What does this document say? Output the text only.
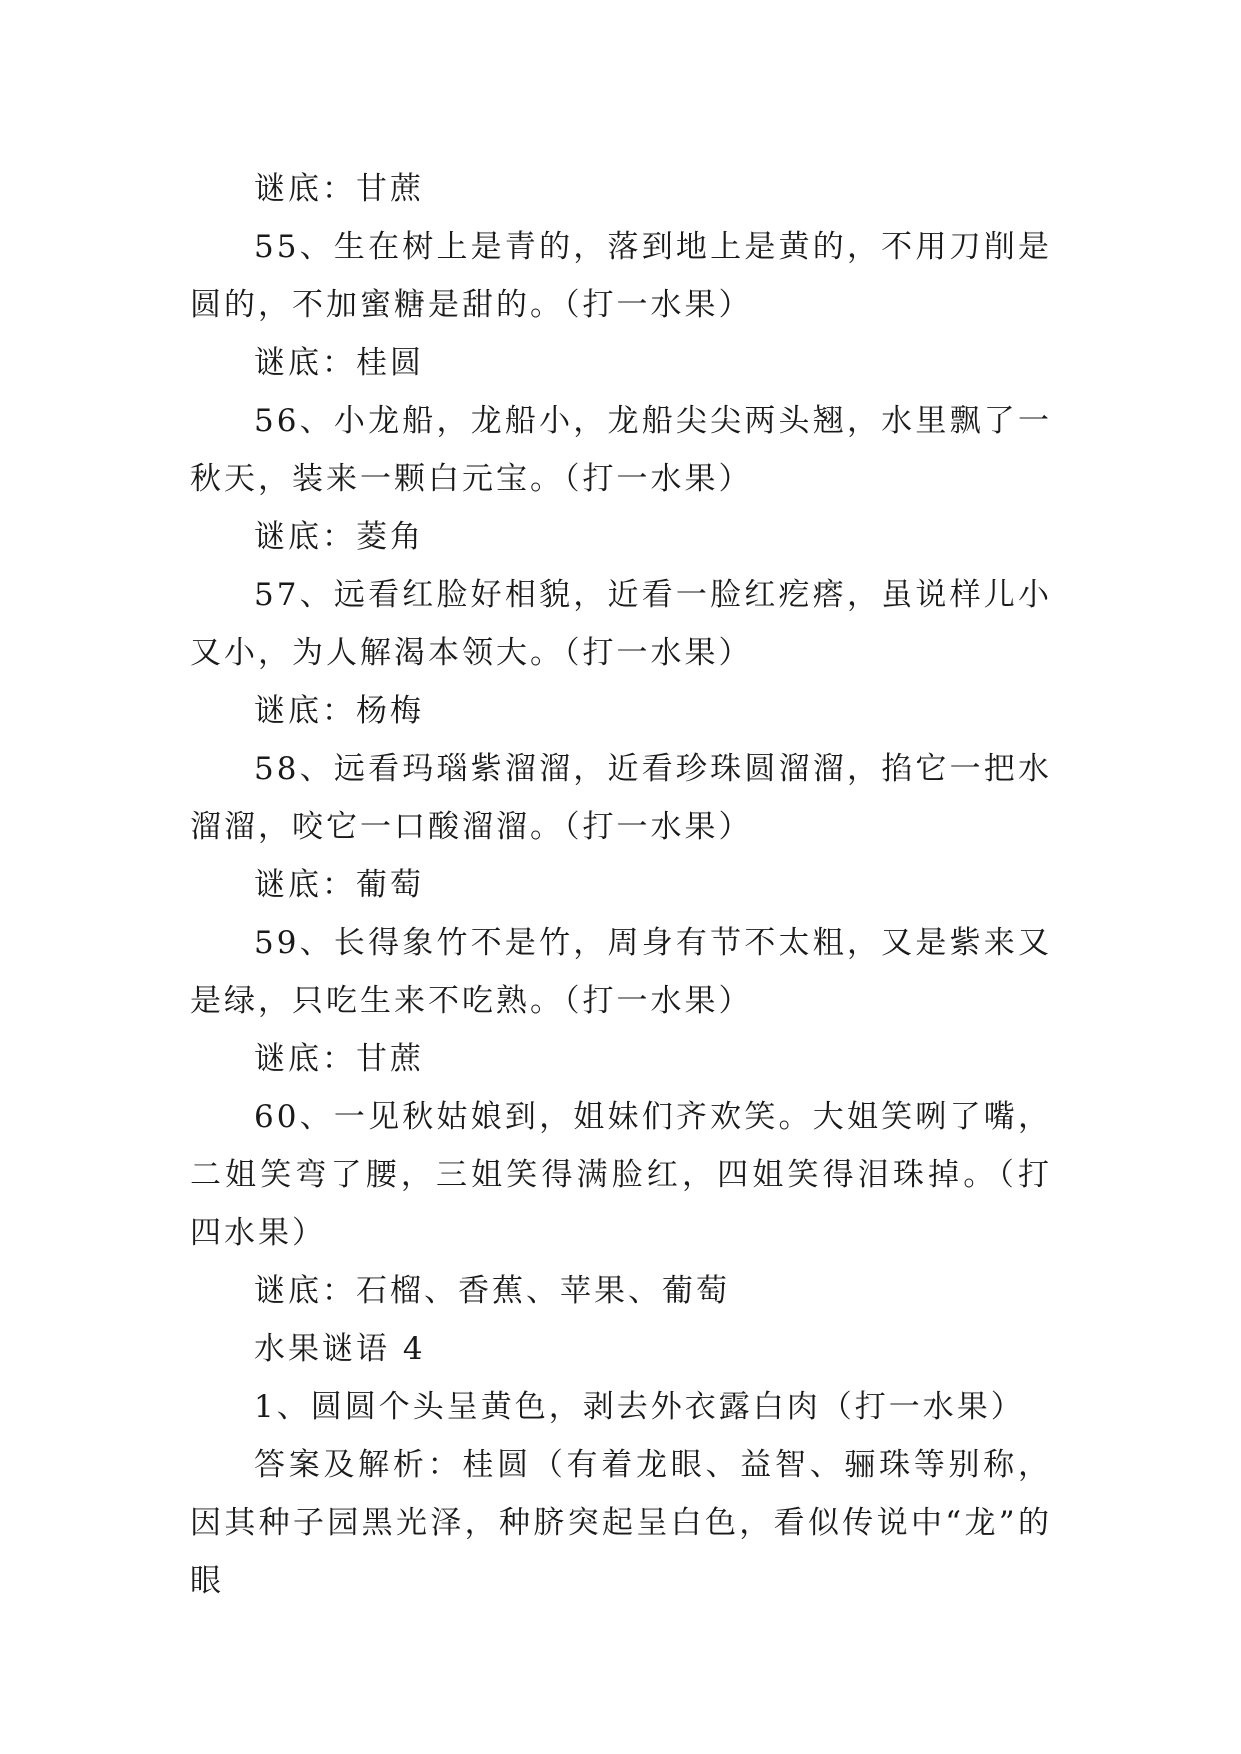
谜底：甘蔗

55、生在树上是青的，落到地上是黄的，不用刀削是圆的，不加蜜糖是甜的。（打一水果）

谜底：桂圆

56、小龙船，龙船小，龙船尖尖两头翘，水里飘了一秋天，装来一颗白元宝。（打一水果）

谜底：菱角

57、远看红脸好相貌，近看一脸红疙瘩，虽说样儿小又小，为人解渴本领大。（打一水果）

谜底：杨梅

58、远看玛瑙紫溜溜，近看珍珠圆溜溜，掐它一把水溜溜，咬它一口酸溜溜。（打一水果）

谜底：葡萄

59、长得象竹不是竹，周身有节不太粗，又是紫来又是绿，只吃生来不吃熟。（打一水果）

谜底：甘蔗

60、一见秋姑娘到，姐妹们齐欢笑。大姐笑咧了嘴，二姐笑弯了腰，三姐笑得满脸红，四姐笑得泪珠掉。（打四水果）

谜底：石榴、香蕉、苹果、葡萄

水果谜语 4

1、圆圆个头呈黄色，剥去外衣露白肉（打一水果）

答案及解析：桂圆（有着龙眼、益智、骊珠等别称，因其种子园黑光泽，种脐突起呈白色，看似传说中“龙”的眼
